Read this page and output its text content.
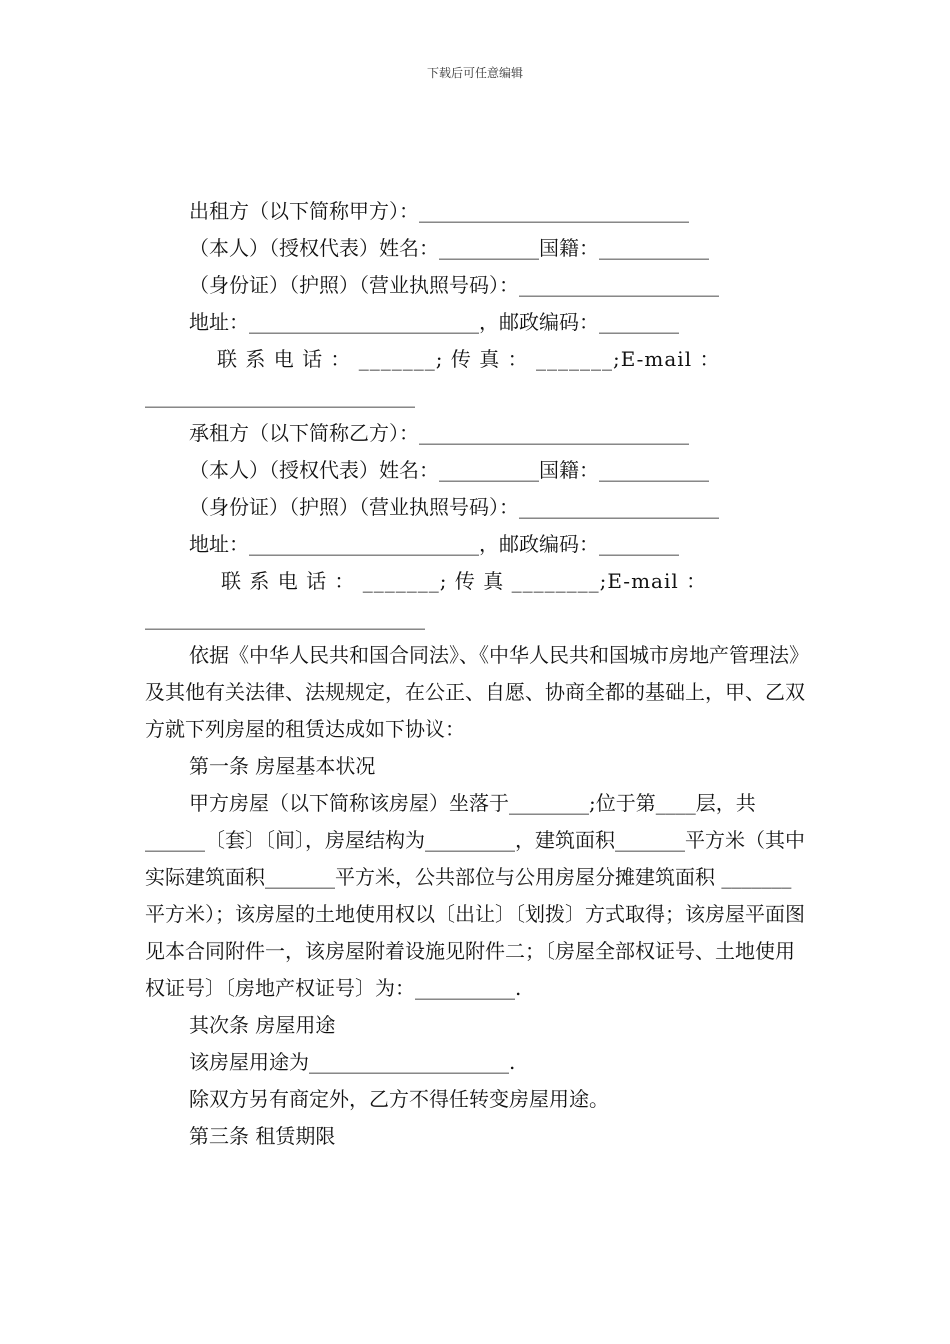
下载后可任意编辑
出租方（以下简称甲方）：___________________________
（本人）（授权代表）姓名：__________国籍：___________
（身份证）（护照）（营业执照号码）：____________________
地址：_______________________，邮政编码：________
联 系 电 话 ： _______; 传 真 ： _______;E-mail ：
___________________________
承租方（以下简称乙方）：___________________________
（本人）（授权代表）姓名：__________国籍：___________
（身份证）（护照）（营业执照号码）：____________________
地址：_______________________，邮政编码：________
联 系 电 话 ： _______; 传 真 ________;E-mail ：
____________________________
依据《中华人民共和国合同法》、《中华人民共和国城市房地产管理法》及其他有关法律、法规规定，在公正、自愿、协商全都的基础上，甲、乙双方就下列房屋的租赁达成如下协议：
第一条 房屋基本状况
甲方房屋（以下简称该房屋）坐落于________;位于第____层，共______〔套〕〔间〕，房屋结构为_________，建筑面积_______平方米（其中实际建筑面积_______平方米，公共部位与公用房屋分摊建筑面积 _______平方米）；该房屋的土地使用权以〔出让〕〔划拨〕方式取得；该房屋平面图见本合同附件一，该房屋附着设施见附件二；〔房屋全部权证号、土地使用权证号〕〔房地产权证号〕为：__________.
其次条 房屋用途
该房屋用途为____________________.
除双方另有商定外，乙方不得任转变房屋用途。
第三条 租赁期限
